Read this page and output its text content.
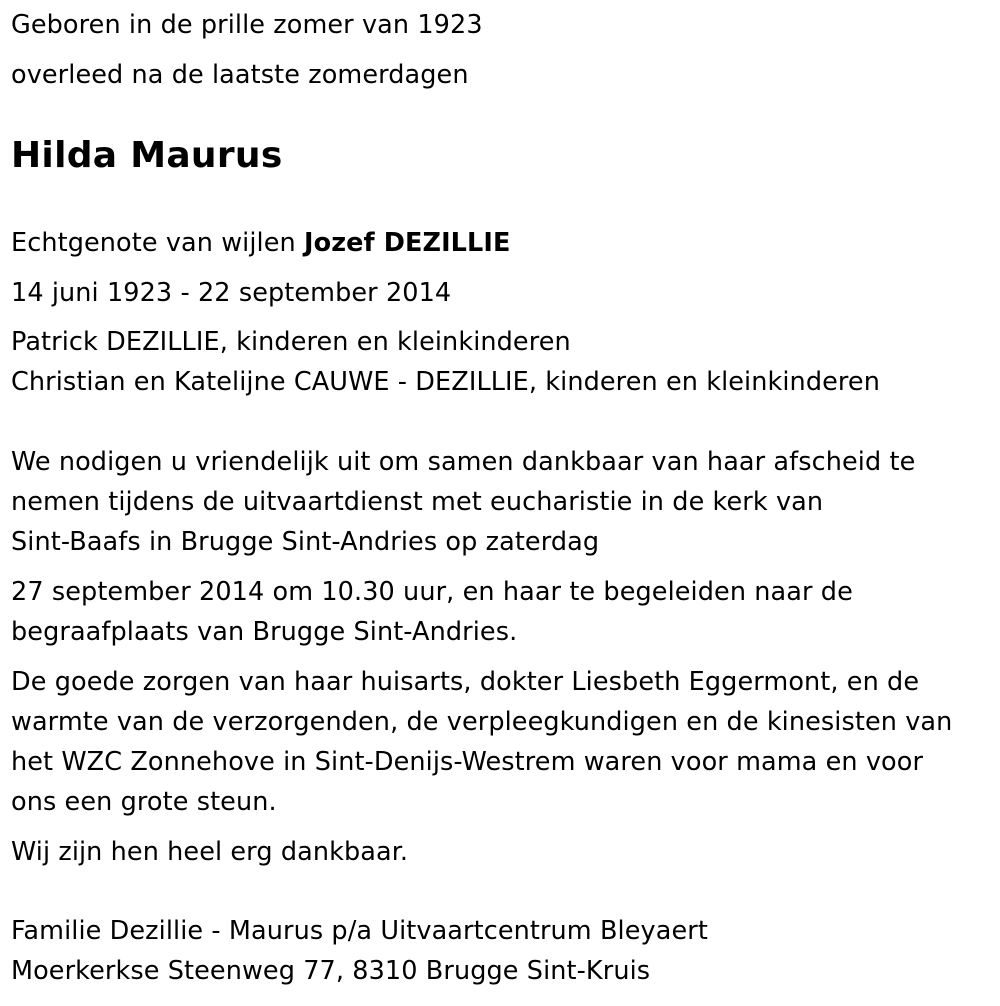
Geboren in de prille zomer van 1923
overleed na de laatste zomerdagen
Hilda Maurus
Echtgenote van wijlen Jozef DEZILLIE
14 juni 1923 - 22 september 2014
Patrick DEZILLIE, kinderen en kleinkinderen
Christian en Katelijne CAUWE - DEZILLIE, kinderen en kleinkinderen
We nodigen u vriendelijk uit om samen dankbaar van haar afscheid te
nemen tijdens de uitvaartdienst met eucharistie in de kerk van
Sint-Baafs in Brugge Sint-Andries op zaterdag
27 september 2014 om 10.30 uur, en haar te begeleiden naar de
begraafplaats van Brugge Sint-Andries.
De goede zorgen van haar huisarts, dokter Liesbeth Eggermont, en de
warmte van de verzorgenden, de verpleegkundigen en de kinesisten van
het WZC Zonnehove in Sint-Denijs-Westrem waren voor mama en voor
ons een grote steun.
Wij zijn hen heel erg dankbaar.
Familie Dezillie - Maurus p/a Uitvaartcentrum Bleyaert
Moerkerkse Steenweg 77, 8310 Brugge Sint-Kruis
